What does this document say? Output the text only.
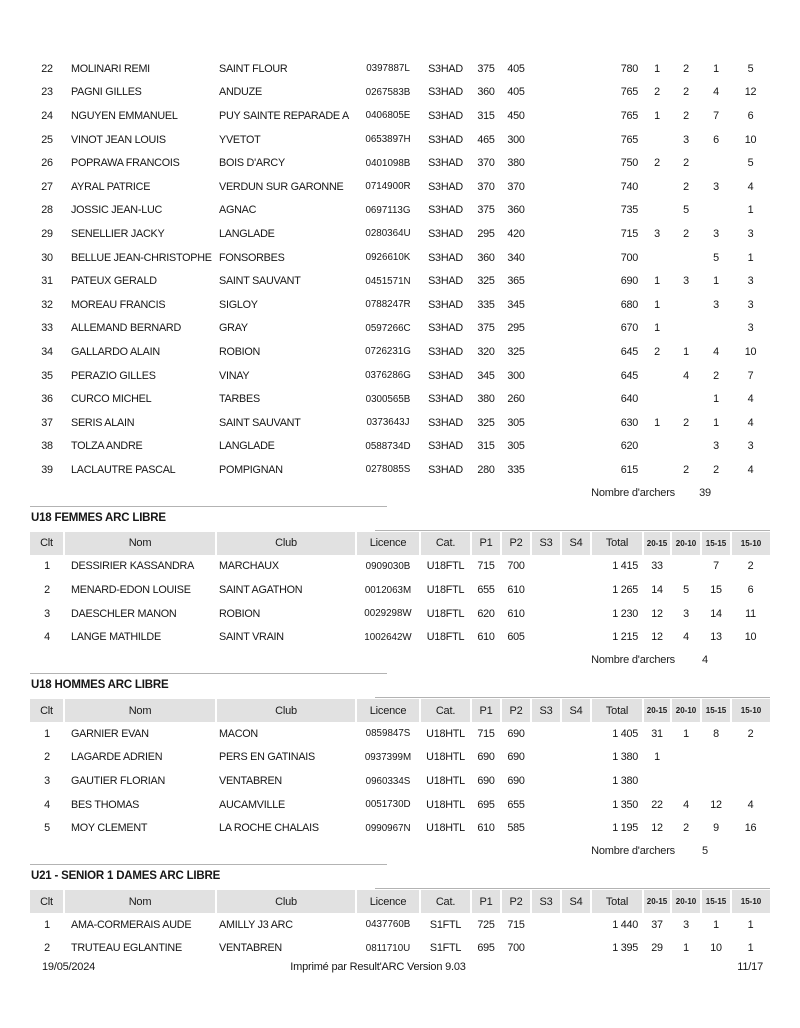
22	MOLINARI REMI	SAINT FLOUR	0397887L	S3HAD	375	405			780	1	2	1	5
23	PAGNI GILLES	ANDUZE	0267583B	S3HAD	360	405			765	2	2	4	12
24	NGUYEN EMMANUEL	PUY SAINTE REPARADE A	0406805E	S3HAD	315	450			765	1	2	7	6
25	VINOT JEAN LOUIS	YVETOT	0653897H	S3HAD	465	300			765		3	6	10
26	POPRAWA FRANCOIS	BOIS D'ARCY	0401098B	S3HAD	370	380			750	2	2		5
27	AYRAL PATRICE	VERDUN SUR GARONNE	0714900R	S3HAD	370	370			740		2	3	4
28	JOSSIC JEAN-LUC	AGNAC	0697113G	S3HAD	375	360			735		5		1
29	SENELLIER JACKY	LANGLADE	0280364U	S3HAD	295	420			715	3	2	3	3
30	BELLUE JEAN-CHRISTOPHE	FONSORBES	0926610K	S3HAD	360	340			700			5	1
31	PATEUX GERALD	SAINT SAUVANT	0451571N	S3HAD	325	365			690	1	3	1	3
32	MOREAU FRANCIS	SIGLOY	0788247R	S3HAD	335	345			680	1		3	3
33	ALLEMAND BERNARD	GRAY	0597266C	S3HAD	375	295			670	1			3
34	GALLARDO ALAIN	ROBION	0726231G	S3HAD	320	325			645	2	1	4	10
35	PERAZIO GILLES	VINAY	0376286G	S3HAD	345	300			645		4	2	7
36	CURCO MICHEL	TARBES	0300565B	S3HAD	380	260			640			1	4
37	SERIS ALAIN	SAINT SAUVANT	0373643J	S3HAD	325	305			630	1	2	1	4
38	TOLZA ANDRE	LANGLADE	0588734D	S3HAD	315	305			620			3	3
39	LACLAUTRE PASCAL	POMPIGNAN	0278085S	S3HAD	280	335			615		2	2	4
Nombre d'archers	39
U18 FEMMES ARC LIBRE
Clt	Nom	Club	Licence	Cat.	P1	P2	S3	S4	Total	20-15	20-10	15-15	15-10
1	DESSIRIER KASSANDRA	MARCHAUX	0909030B	U18FTL	715	700			1 415	33		7	2
2	MENARD-EDON LOUISE	SAINT AGATHON	0012063M	U18FTL	655	610			1 265	14	5	15	6
3	DAESCHLER MANON	ROBION	0029298W	U18FTL	620	610			1 230	12	3	14	11
4	LANGE MATHILDE	SAINT VRAIN	1002642W	U18FTL	610	605			1 215	12	4	13	10
Nombre d'archers	4
U18 HOMMES ARC LIBRE
Clt	Nom	Club	Licence	Cat.	P1	P2	S3	S4	Total	20-15	20-10	15-15	15-10
1	GARNIER EVAN	MACON	0859847S	U18HTL	715	690			1 405	31	1	8	2
2	LAGARDE ADRIEN	PERS EN GATINAIS	0937399M	U18HTL	690	690			1 380	1			
3	GAUTIER FLORIAN	VENTABREN	0960334S	U18HTL	690	690			1 380				
4	BES THOMAS	AUCAMVILLE	0051730D	U18HTL	695	655			1 350	22	4	12	4
5	MOY CLEMENT	LA ROCHE CHALAIS	0990967N	U18HTL	610	585			1 195	12	2	9	16
Nombre d'archers	5
U21 - SENIOR 1 DAMES ARC LIBRE
Clt	Nom	Club	Licence	Cat.	P1	P2	S3	S4	Total	20-15	20-10	15-15	15-10
1	AMA-CORMERAIS AUDE	AMILLY J3 ARC	0437760B	S1FTL	725	715			1 440	37	3	1	1
2	TRUTEAU EGLANTINE	VENTABREN	0811710U	S1FTL	695	700			1 395	29	1	10	1
19/05/2024	Imprimé par Result'ARC Version 9.03	11/17
